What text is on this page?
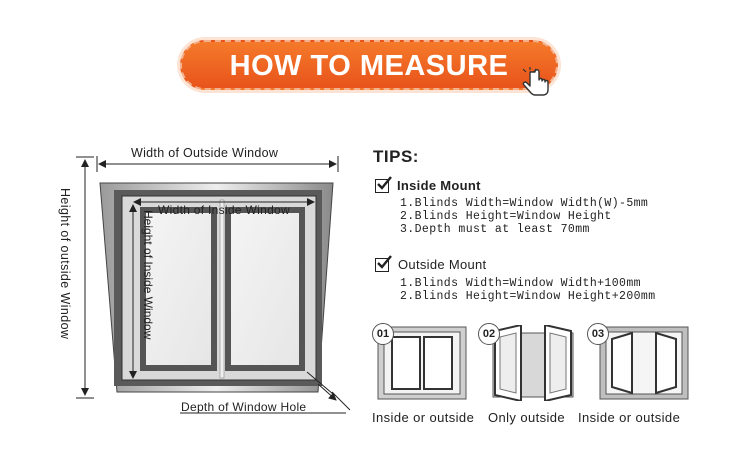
HOW TO MEASURE
Width of Outside Window
Height of outside Window	Width of Inside Window
Height of Inside Window
Depth of Window Hole
TIPS:
Inside Mount
1.Blinds Width=Window Width(W)-5mm
2.Blinds Height=Window Height
3.Depth must at least 70mm
Outside Mount
1.Blinds Width=Window Width+100mm
2.Blinds Height=Window Height+200mm
01	02	03
Inside or outside Only outside Inside or outside
